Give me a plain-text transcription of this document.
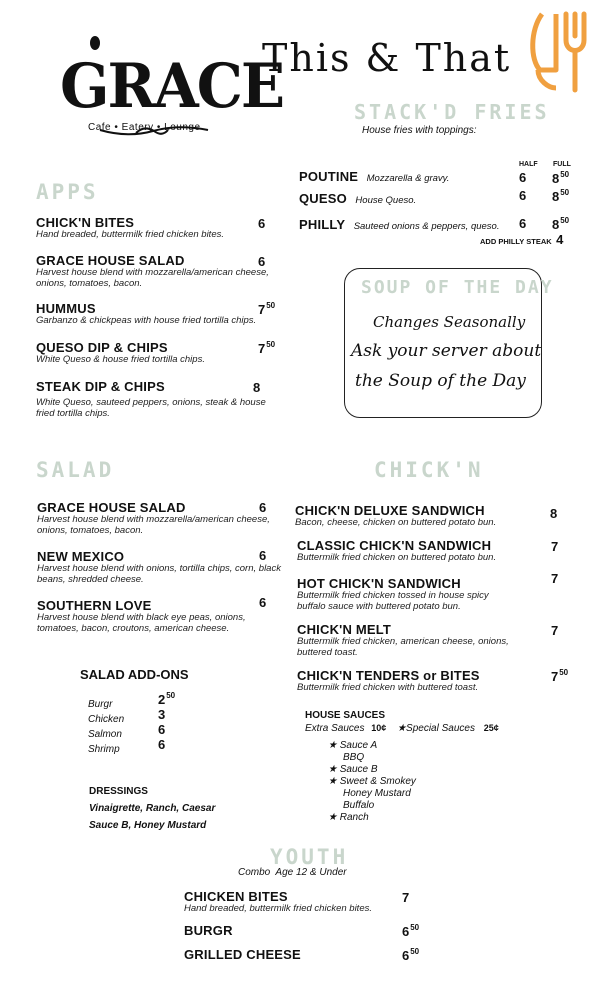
GRACE
Cafe • Eatery • Lounge
This & That
STACK'D FRIES
House fries with toppings:
HALF FULL
POUTINE Mozzarella & gravy.	6 $8^{50}$
QUESO House Queso.	6 $8^{50}$
PHILLY Sauteed onions & peppers, queso. 6 $8^{50}$
ADD PHILLY STEAK 4
APPS
CHICK'N BITES
Hand breaded, buttermilk fried chicken bites.
6
GRACE HOUSE SALAD
Harvest house blend with mozzarella/american cheese, onions, tomatoes, bacon.
6
HUMMUS
Garbanzo & chickpeas with house fried tortilla chips.
$7^{50}$
QUESO DIP & CHIPS
White Queso & house fried tortilla chips.
$7^{50}$
STEAK DIP & CHIPS
White Queso, sauteed peppers, onions, steak & house fried tortilla chips.
8
SOUP OF THE DAY
Changes Seasonally
Ask your server about
the Soup of the Day
SALAD
GRACE HOUSE SALAD
Harvest house blend with mozzarella/american cheese, onions, tomatoes, bacon.
6
NEW MEXICO
Harvest house blend with onions, tortilla chips, corn, black beans, shredded cheese.
6
SOUTHERN LOVE
Harvest house blend with black eye peas, onions, tomatoes, bacon, croutons, american cheese.
6
SALAD ADD-ONS
Burgr	$2^{50}$
Chicken	3
Salmon	6
Shrimp	6
DRESSINGS
Vinaigrette, Ranch, Caesar
Sauce B, Honey Mustard
CHICK'N
CHICK'N DELUXE SANDWICH
Bacon, cheese, chicken on buttered potato bun.
8
CLASSIC CHICK'N SANDWICH
Buttermilk fried chicken on buttered potato bun.
7
HOT CHICK'N SANDWICH
Buttermilk fried chicken tossed in house spicy buffalo sauce with buttered potato bun.
7
CHICK'N MELT
Buttermilk fried chicken, american cheese, onions, buttered toast.
7
CHICK'N TENDERS or BITES
Buttermilk fried chicken with buttered toast.
$7^{50}$
HOUSE SAUCES
Extra Sauces 10¢ ★Special Sauces 25¢
★ Sauce A
BBQ
★ Sauce B
★ Sweet & Smokey
Honey Mustard
Buffalo
★ Ranch
YOUTH
Combo  Age 12 & Under
CHICKEN BITES
Hand breaded, buttermilk fried chicken bites.
7
BURGR	$6^{50}$
GRILLED CHEESE	$6^{50}$
